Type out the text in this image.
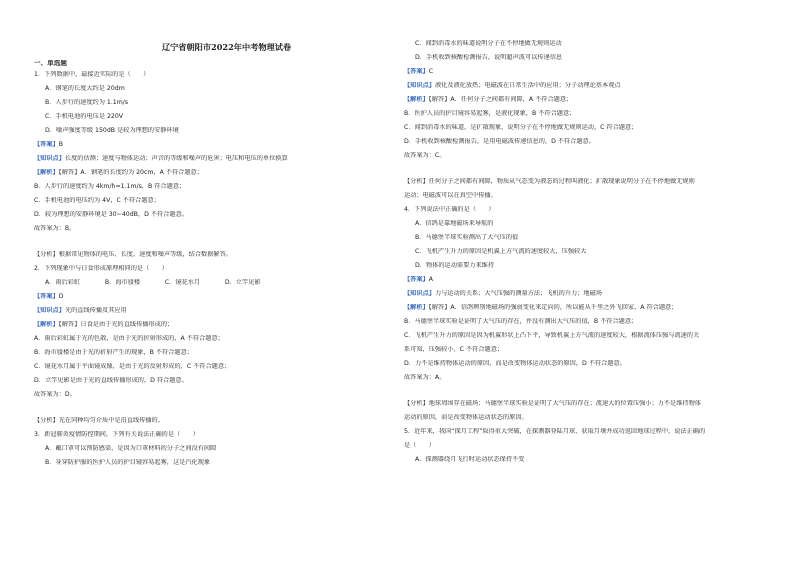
辽宁省朝阳市2022年中考物理试卷
一、单选题
1．下列数据中，最接近实际的是（　　）
A．钢笔的长度大约是 20dm
B．人步行的速度约为 1.1m/s
C．手机电池的电压是 220V
D．噪声强度等级 150dB 是较为理想的安静环境
【答案】B
【知识点】长度的估测；速度与物体运动；声音的等级和噪声的危害；电压和电压的单位换算
【解析】【解答】A．钢笔的长度约为 20cm，A 不符合题意；
B．人步行的速度约为 4km/h=1.1m/s，B 符合题意；
C．手机电池的电压约为 4V，C 不符合题意；
D．较为理想的安静环境是 30~40dB，D 不符合题意。
故答案为：B。
【分析】根据常见物体的电压、长度、速度和噪声等级，结合数据解答。
2．下列现象中与日食形成原理相同的是（　　）
A．雨后彩虹　　　　B．海市蜃楼　　　　C．镜花水月　　　　D．立竿见影
【答案】D
【知识点】光的直线传播及其应用
【解析】【解答】日食是由于光的直线传播形成的；
A．雨后彩虹属于光的色散，是由于光的折射形成的，A 不符合题意；
B．海市蜃楼是由于光的折射产生的现象，B 不符合题意；
C．镜花水月属于平面镜成像，是由于光的反射形成的，C 不符合题意；
D．立竿见影是由于光的直线传播形成的，D 符合题意。
故答案为：D。
【分析】光在同种均匀介质中是沿直线传播的。
3．新冠肺炎疫情防控期间，下列有关说法正确的是（　　）
A．戴口罩可以预防感染，是因为口罩材料的分子之间没有间隙
B．身穿防护服的医护人员的护目镜容易起雾，这是汽化现象
C．闻到消毒水的味道说明分子在不停地做无规则运动
D．手机收到核酸检测报告，说明超声波可以传递信息
【答案】C
【知识点】液化及液化放热；电磁波在日常生活中的应用；分子动理论基本观点
【解析】【解答】A．任何分子之间都有间隙，A 不符合题意；
B．医护人员的护目镜容易起雾，是液化现象，B 不符合题意；
C．闻到消毒水的味道，是扩散现象，说明分子在不停地做无规则运动，C 符合题意；
D．手机收到核酸检测报告，是用电磁波传递信息的，D 不符合题意。
故答案为：C。
【分析】任何分子之间都有间隙，物质从气态变为液态的过程叫液化；扩散现象说明分子在不停地做无规则
运动；电磁波可以在真空中传播。
4．下列说法中正确的是（　　）
A．信鸽是靠地磁场来导航的
B．马德堡半球实验测出了大气压的值
C．飞机产生升力的原因是机翼上方气流的速度较大，压强较大
D．物体的运动需要力来维持
【答案】A
【知识点】力与运动的关系；大气压强的测量方法；飞机的升力；地磁场
【解析】【解答】A．信鸽辨别地磁场的强弱变化来定向的，所以能从千里之外飞回家，A 符合题意；
B．马德堡半球实验是证明了大气压的存在，并没有测出大气压的值，B 不符合题意；
C．飞机产生升力的原因是因为机翼形状上凸下平，导致机翼上方气流的速度较大，根据流体压强与流速的关
系可知，压强较小，C 不符合题意；
D．力不是维持物体运动的原因，而是改变物体运动状态的原因，D 不符合题意。
故答案为：A。
【分析】地球周围存在磁场；马德堡半球实验是证明了大气压的存在；流速大的位置压强小；力不是维持物体
运动的原因，而是改变物体运动状态的原因。
5．近年来，我国“探月工程”取得重大突破，在探测器登陆月球、获取月壤并成功返回地球过程中，说法正确的
是（　　）
A．探测器绕月飞行时运动状态保持不变
